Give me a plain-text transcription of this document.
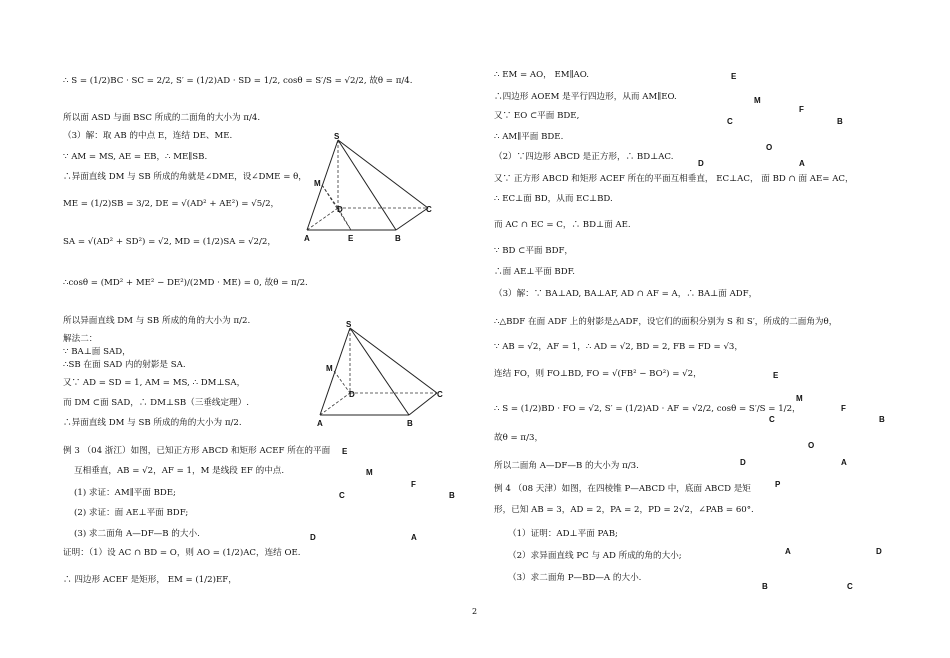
2
∴ S = (1/2)BC · SC = 2/2, S′ = (1/2)AD · SD = 1/2, cosθ = S′/S = √2/2, 故θ = π/4.
所以面 ASD 与面 BSC 所成的二面角的大小为 π/4.
（3）解：取 AB 的中点 E，连结 DE、ME.
∵ AM = MS, AE = EB，∴ ME∥SB.
∴异面直线 DM 与 SB 所成的角就是∠DME，设∠DME = θ，
ME = (1/2)SB = 3/2, DE = √(AD² + AE²) = √5/2，
SA = √(AD² + SD²) = √2, MD = (1/2)SA = √2/2，
∴cosθ = (MD² + ME² − DE²)/(2MD · ME) = 0, 故θ = π/2.
所以异面直线 DM 与 SB 所成的角的大小为 π/2.
解法二：
∵ BA⊥面 SAD，
∴SB 在面 SAD 内的射影是 SA.
又∵ AD = SD = 1, AM = MS, ∴ DM⊥SA，
而 DM ⊂面 SAD，∴ DM⊥SB（三垂线定理）.
∴异面直线 DM 与 SB 所成的角的大小为 π/2.
例 3 （04 浙江）如图，已知正方形 ABCD 和矩形 ACEF 所在的平面
互相垂直，AB = √2，AF = 1，M 是线段 EF 的中点.
(1) 求证：AM∥平面 BDE;
(2) 求证：面 AE⊥平面 BDF;
(3) 求二面角 A—DF—B 的大小.
证明：（1）设 AC ∩ BD = O，则 AO = (1/2)AC，连结 OE.
∴ 四边形 ACEF 是矩形， EM = (1/2)EF，
∴ EM = AO， EM∥AO.
∴四边形 AOEM 是平行四边形，从而 AM∥EO.
又∵ EO ⊂平面 BDE,
∴ AM∥平面 BDE.
（2）∵四边形 ABCD 是正方形，∴ BD⊥AC.
又∵ 正方形 ABCD 和矩形 ACEF 所在的平面互相垂直， EC⊥AC， 面 BD ∩ 面 AE= AC，
∴ EC⊥面 BD，从而 EC⊥BD.
而 AC ∩ EC = C，∴ BD⊥面 AE.
∵ BD ⊂平面 BDF，
∴面 AE⊥平面 BDF.
（3）解：∵ BA⊥AD, BA⊥AF, AD ∩ AF = A，∴ BA⊥面 ADF，
∴△BDF 在面 ADF 上的射影是△ADF，设它们的面积分别为 S 和 S′，所成的二面角为θ，
∵ AB = √2，AF = 1，∴ AD = √2, BD = 2, FB = FD = √3，
连结 FO，则 FO⊥BD, FO = √(FB² − BO²) = √2，
∴ S = (1/2)BD · FO = √2, S′ = (1/2)AD · AF = √2/2, cosθ = S′/S = 1/2，
故θ = π/3，
所以二面角 A—DF—B 的大小为 π/3.
例 4 （08 天津）如图，在四棱锥 P—ABCD 中，底面 ABCD 是矩
形，已知 AB = 3，AD = 2，PA = 2，PD = 2√2，∠PAB = 60°.
（1）证明：AD⊥平面 PAB;
（2）求异面直线 PC 与 AD 所成的角的大小;
（3）求二面角 P—BD—A 的大小.
S
M
D	C
A	E	B
S
M
D	C
A	B
E
M
F
C	B
D	A
E
M
F
C	B
O
D	A
E
M
F
C	B
O
D	A
P
A	D
B	C
